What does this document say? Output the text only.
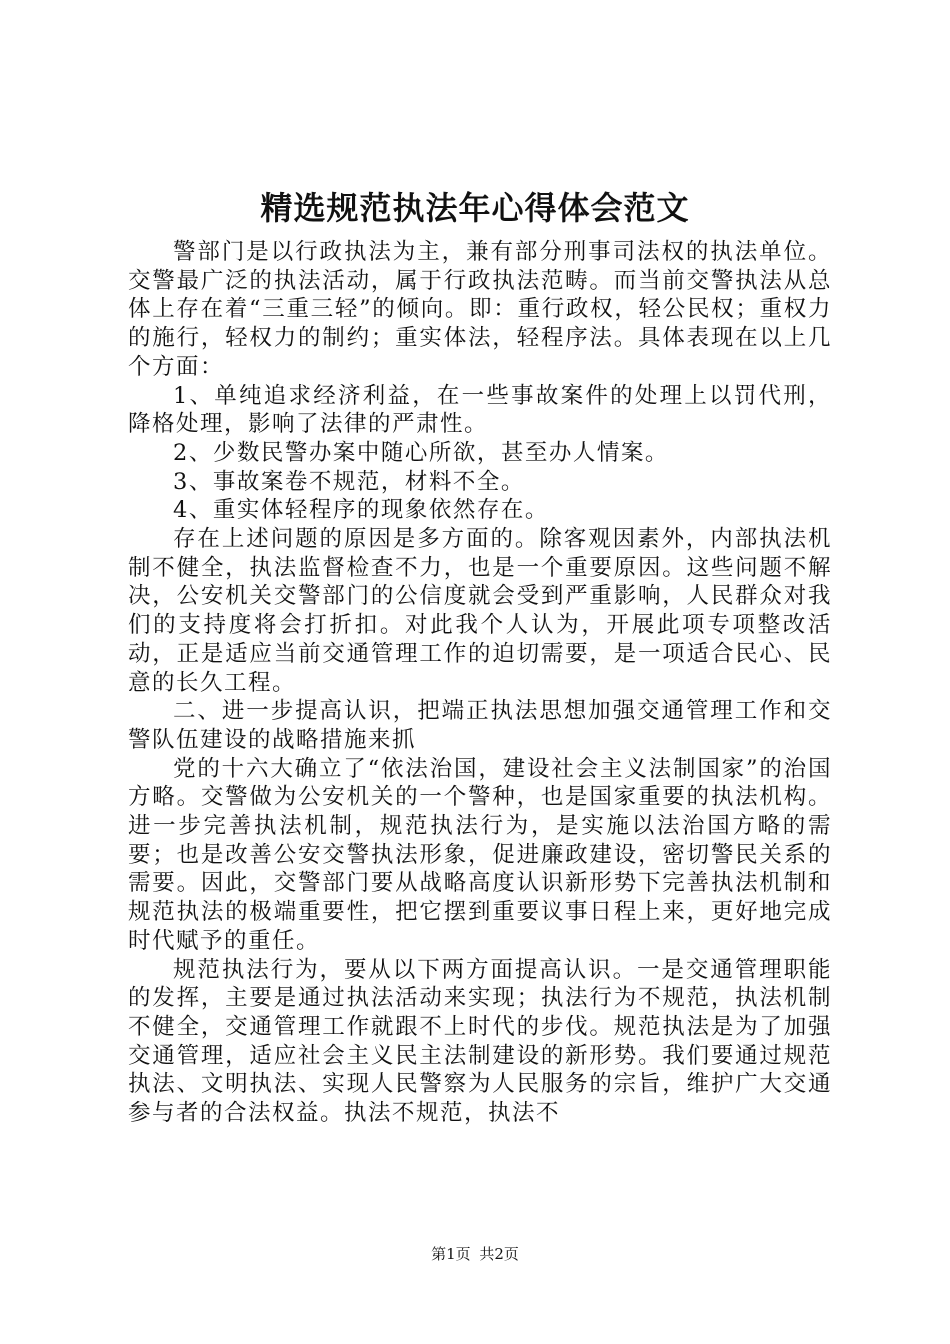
精选规范执法年心得体会范文

警部门是以行政执法为主，兼有部分刑事司法权的执法单位。交警最广泛的执法活动，属于行政执法范畴。而当前交警执法从总体上存在着“三重三轻”的倾向。即：重行政权，轻公民权；重权力的施行，轻权力的制约；重实体法，轻程序法。具体表现在以上几个方面：

1、单纯追求经济利益，在一些事故案件的处理上以罚代刑，降格处理，影响了法律的严肃性。

2、少数民警办案中随心所欲，甚至办人情案。

3、事故案卷不规范，材料不全。

4、重实体轻程序的现象依然存在。

存在上述问题的原因是多方面的。除客观因素外，内部执法机制不健全，执法监督检查不力，也是一个重要原因。这些问题不解决，公安机关交警部门的公信度就会受到严重影响，人民群众对我们的支持度将会打折扣。对此我个人认为，开展此项专项整改活动，正是适应当前交通管理工作的迫切需要，是一项适合民心、民意的长久工程。

二、进一步提高认识，把端正执法思想加强交通管理工作和交警队伍建设的战略措施来抓

党的十六大确立了“依法治国，建设社会主义法制国家”的治国方略。交警做为公安机关的一个警种，也是国家重要的执法机构。进一步完善执法机制，规范执法行为，是实施以法治国方略的需要；也是改善公安交警执法形象，促进廉政建设，密切警民关系的需要。因此，交警部门要从战略高度认识新形势下完善执法机制和规范执法的极端重要性，把它摆到重要议事日程上来，更好地完成时代赋予的重任。

规范执法行为，要从以下两方面提高认识。一是交通管理职能的发挥，主要是通过执法活动来实现；执法行为不规范，执法机制不健全，交通管理工作就跟不上时代的步伐。规范执法是为了加强交通管理，适应社会主义民主法制建设的新形势。我们要通过规范执法、文明执法、实现人民警察为人民服务的宗旨，维护广大交通参与者的合法权益。执法不规范，执法不

第1页 共2页
